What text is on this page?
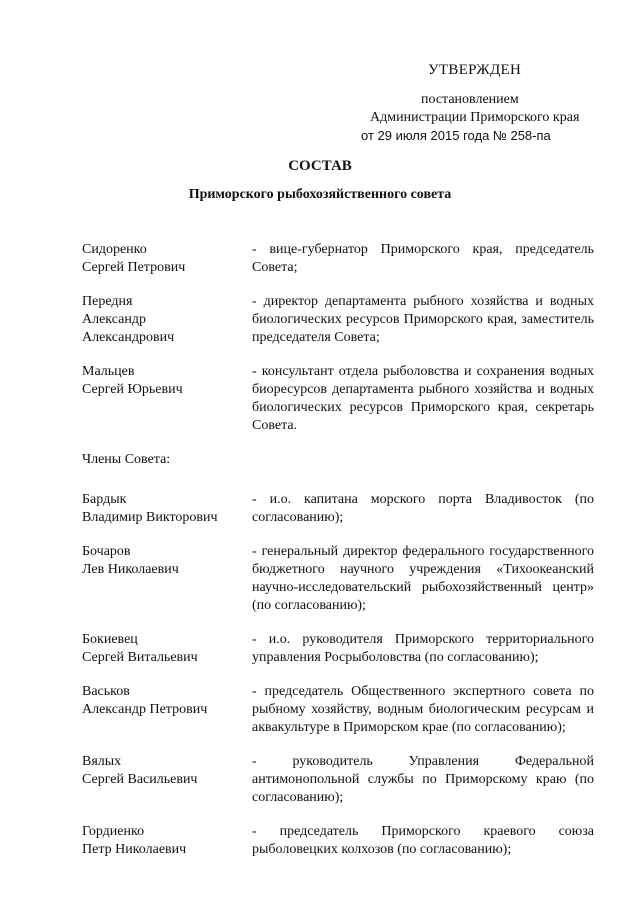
УТВЕРЖДЕН
постановлением
Администрации Приморского края
от 29 июля 2015 года № 258-па
СОСТАВ
Приморского рыбохозяйственного совета
Сидоренко
Сергей Петрович
- вице-губернатор Приморского края, председатель Совета;
Передня
Александр
Александрович
- директор департамента рыбного хозяйства и водных биологических ресурсов Приморского края, заместитель председателя Совета;
Мальцев
Сергей Юрьевич
- консультант отдела рыболовства и сохранения водных биоресурсов департамента рыбного хозяйства и водных биологических ресурсов Приморского края, секретарь Совета.
Члены Совета:
Бардык
Владимир Викторович
- и.о. капитана морского порта Владивосток (по согласованию);
Бочаров
Лев Николаевич
- генеральный директор федерального государственного бюджетного научного учреждения «Тихоокеанский научно-исследовательский рыбохозяйственный центр» (по согласованию);
Бокиевец
Сергей Витальевич
- и.о. руководителя Приморского территориального управления Росрыболовства (по согласованию);
Васьков
Александр Петрович
- председатель Общественного экспертного совета по рыбному хозяйству, водным биологическим ресурсам и аквакультуре в Приморском крае (по согласованию);
Вялых
Сергей Васильевич
- руководитель Управления Федеральной антимонопольной службы по Приморскому краю (по согласованию);
Гордиенко
Петр Николаевич
- председатель Приморского краевого союза рыболовецких колхозов (по согласованию);
